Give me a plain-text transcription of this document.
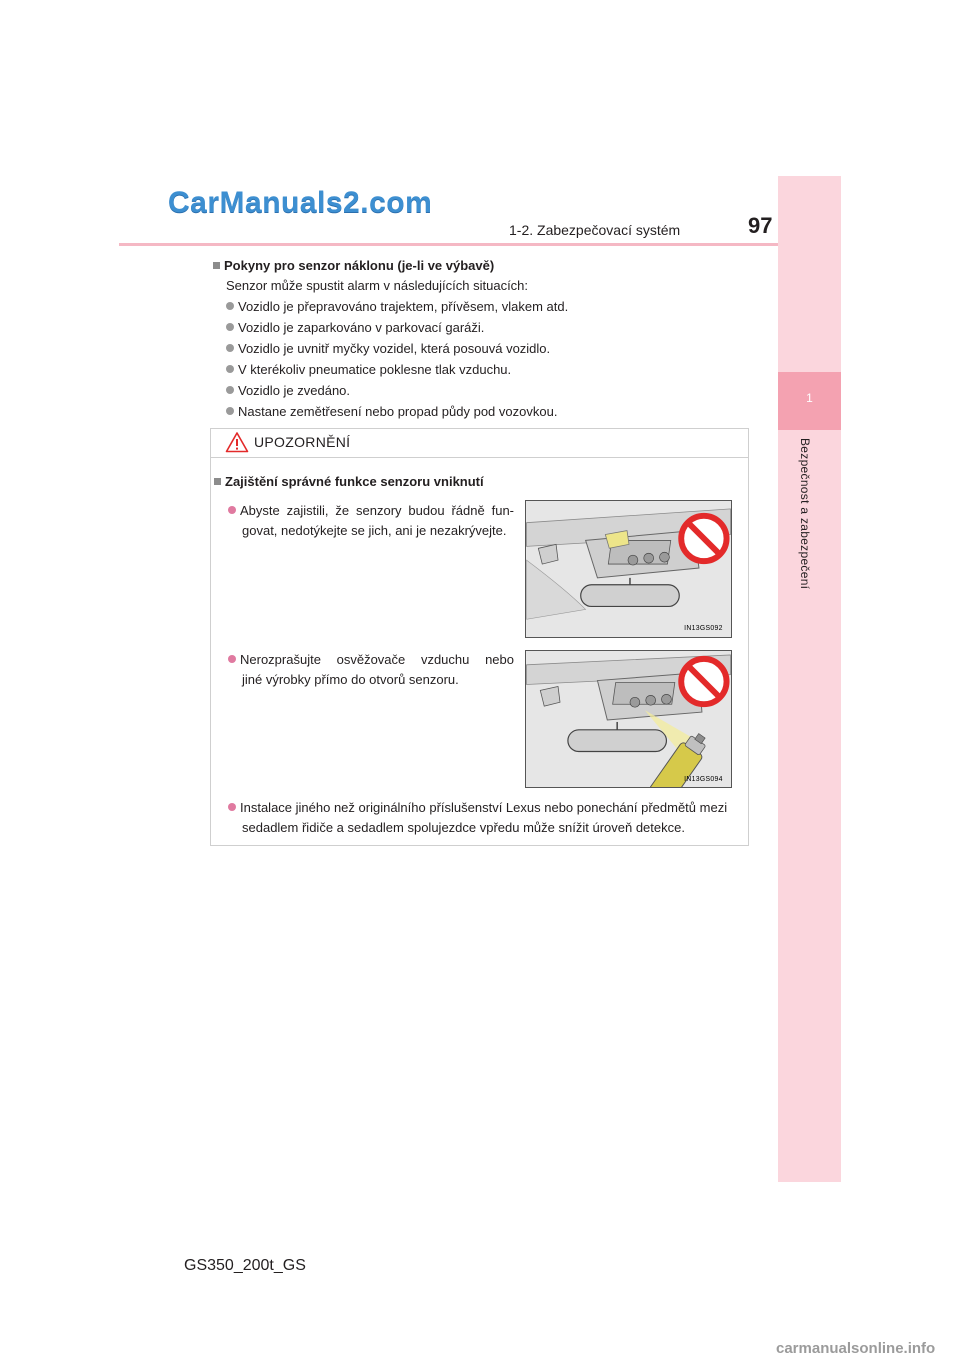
CarManuals2.com
1-2. Zabezpečovací systém	97
1
Bezpečnost a zabezpečení
Pokyny pro senzor náklonu (je-li ve výbavě)
Senzor může spustit alarm v následujících situacích:
Vozidlo je přepravováno trajektem, přívěsem, vlakem atd.
Vozidlo je zaparkováno v parkovací garáži.
Vozidlo je uvnitř myčky vozidel, která posouvá vozidlo.
V kterékoliv pneumatice poklesne tlak vzduchu.
Vozidlo je zvedáno.
Nastane zemětřesení nebo propad půdy pod vozovkou.
UPOZORNĚNÍ
Zajištění správné funkce senzoru vniknutí
Abyste zajistili, že senzory budou řádně fun-
govat, nedotýkejte se jich, ani je nezakrývejte.
IN13GS092
Nerozprašujte osvěžovače vzduchu nebo
jiné výrobky přímo do otvorů senzoru.
IN13GS094
Instalace jiného než originálního příslušenství Lexus nebo ponechání předmětů mezi
sedadlem řidiče a sedadlem spolujezdce vpředu může snížit úroveň detekce.
GS350_200t_GS
carmanualsonline.info
